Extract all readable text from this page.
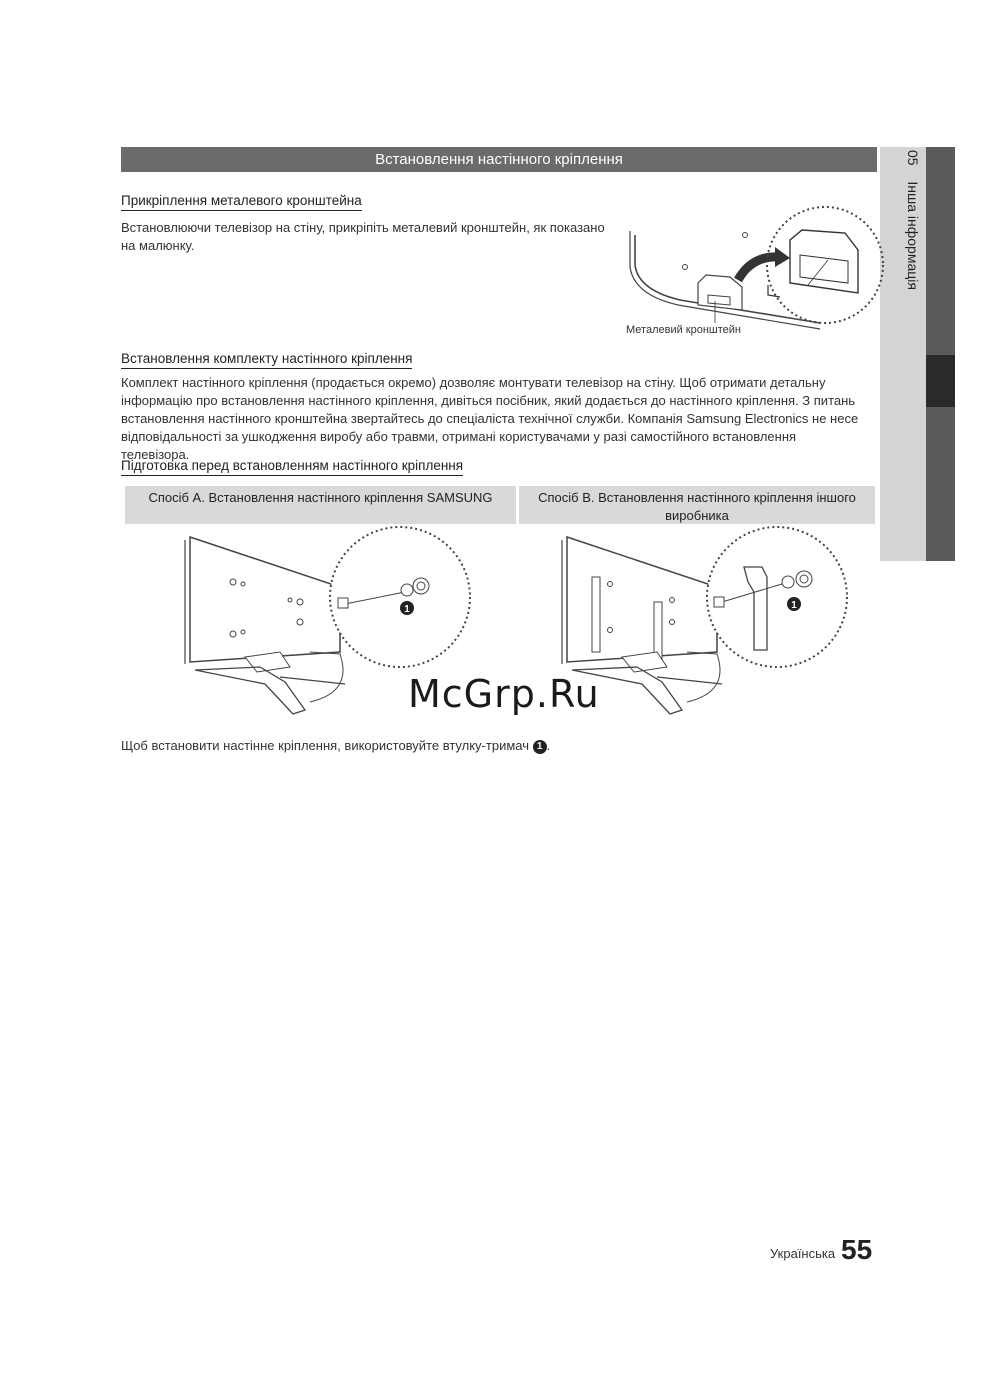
Встановлення настінного кріплення	05  Інша інформація
Прикріплення металевого кронштейна
Встановлюючи телевізор на стіну, прикріпіть металевий кронштейн, як показано на малюнку.
Металевий кронштейн
Встановлення комплекту настінного кріплення
Комплект настінного кріплення (продається окремо) дозволяє монтувати телевізор на стіну. Щоб отримати детальну інформацію про встановлення настінного кріплення, дивіться посібник, який додається до настінного кріплення. З питань встановлення настінного кронштейна звертайтесь до спеціаліста технічної служби. Компанія Samsung Electronics не несе відповідальності за ушкодження виробу або травми, отримані користувачами у разі самостійного встановлення телевізора.
Підготовка перед встановленням настінного кріплення
Спосіб A. Встановлення настінного кріплення SAMSUNG	Спосіб B. Встановлення настінного кріплення іншого виробника
1	1
McGrp.Ru
Щоб встановити настінне кріплення, використовуйте втулку-тримач 1 .
Українська 55
